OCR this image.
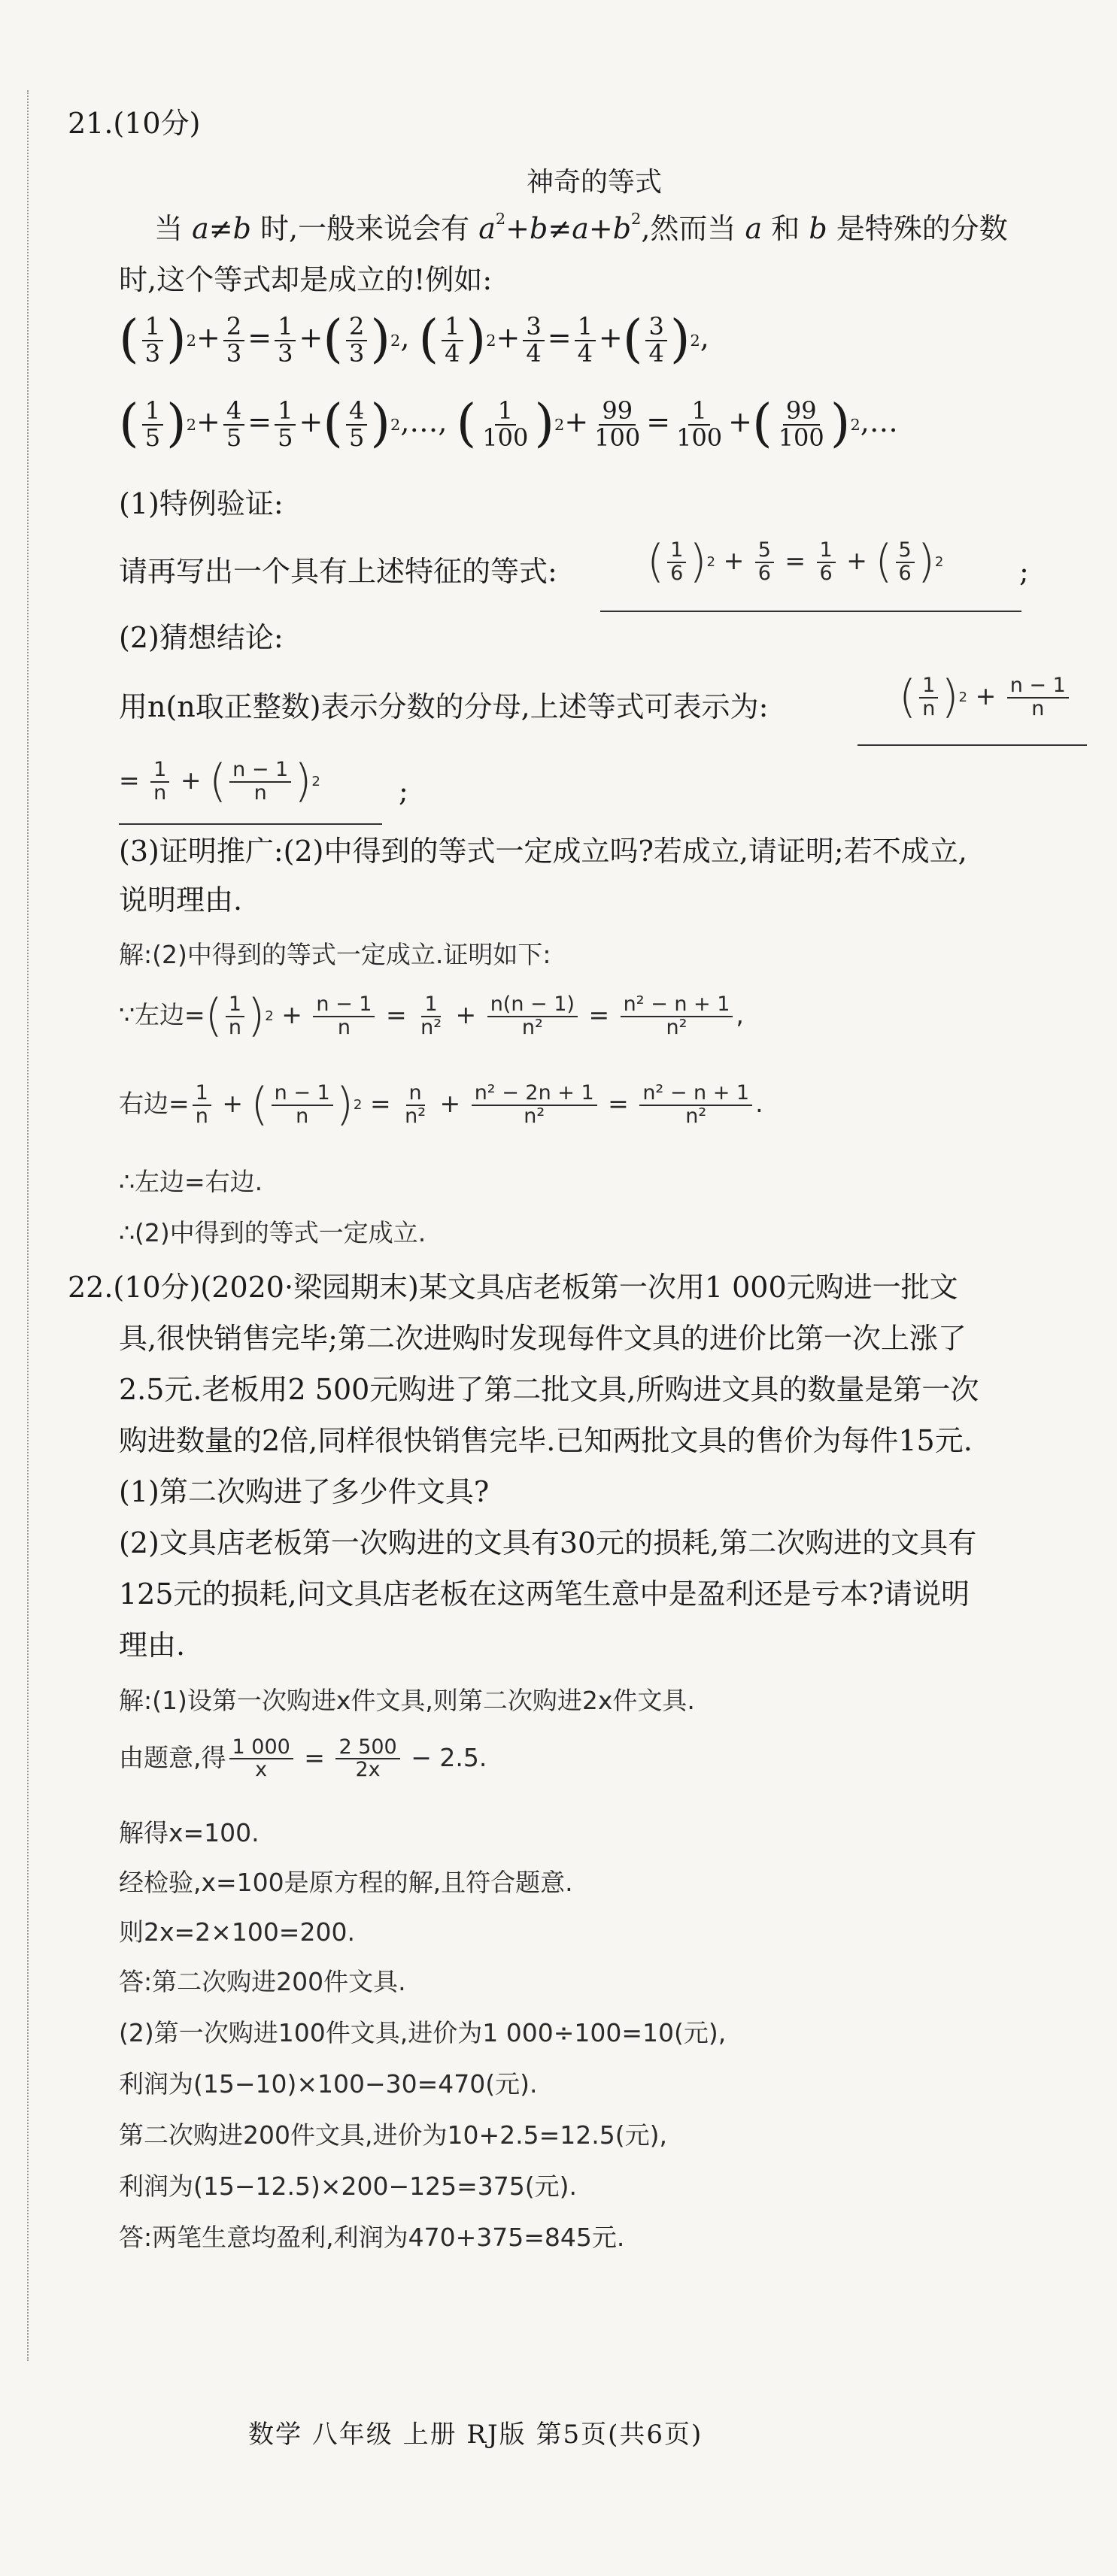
21.(10分)
神奇的等式
当 a≠b 时,一般来说会有 $a^2+b\ne a+b^2$,然而当 a 和 b 是特殊的分数
时,这个等式却是成立的!例如:
( $\frac{1}{3}$ ) $2 + \frac{2}{3} = \frac{1}{3}$ + ( $\frac{2}{3}$ ) 2 , ( $\frac{1}{4}$ ) $2 + \frac{3}{4} = \frac{1}{4}$ + ( $\frac{3}{4}$ ) 2 ,
( $\frac{1}{5}$ ) $2 + \frac{4}{5} = \frac{1}{5}$ + ( $\frac{4}{5}$ ) 2 ,…, ( $\frac{1}{100}$ ) $2 + \frac{99}{100} = \frac{1}{100}$ + ( $\frac{99}{100}$ ) 2 ,…
(1)特例验证:
请再写出一个具有上述特征的等式: ( $\frac{1}{6}$ ) $2 + \frac{5}{6} = \frac{1}{6}$ + ( $\frac{5}{6}$ ) 2	;
(2)猜想结论:
用n(n取正整数)表示分数的分母,上述等式可表示为:	( $\frac{1}{n}$ ) $2 + \frac{n - 1}{n}$
= $\frac{1}{n}$ + ( $\frac{n - 1}{n}$ ) 2	;
(3)证明推广:(2)中得到的等式一定成立吗?若成立,请证明;若不成立,
说明理由.
解:(2)中得到的等式一定成立.证明如下:
∵左边= ( $\frac{1}{n}$ ) $2 + \frac{n - 1}{n} = \frac{1}{\text{n²}} + \frac{n(n - 1)}{\text{n²}} = \frac{\text{n² − n + 1}}{\text{n²}}$ ,
右边= $\frac{1}{n}$ + ( $\frac{n - 1}{n}$ ) $2 = \frac{n}{\text{n²}} + \frac{\text{n² − 2n + 1}}{\text{n²}} = \frac{\text{n² − n + 1}}{\text{n²}}$ .
∴左边=右边.
∴(2)中得到的等式一定成立.
22.(10分)(2020·梁园期末)某文具店老板第一次用1 000元购进一批文
具,很快销售完毕;第二次进购时发现每件文具的进价比第一次上涨了
2.5元.老板用2 500元购进了第二批文具,所购进文具的数量是第一次
购进数量的2倍,同样很快销售完毕.已知两批文具的售价为每件15元.
(1)第二次购进了多少件文具?
(2)文具店老板第一次购进的文具有30元的损耗,第二次购进的文具有
125元的损耗,问文具店老板在这两笔生意中是盈利还是亏本?请说明
理由.
解:(1)设第一次购进x件文具,则第二次购进2x件文具.
由题意,得 $\frac{1 000}{x} = \frac{2 500}{2x} - 2.5$.
解得x=100.
经检验,x=100是原方程的解,且符合题意.
则2x=2×100=200.
答:第二次购进200件文具.
(2)第一次购进100件文具,进价为1 000÷100=10(元),
利润为(15−10)×100−30=470(元).
第二次购进200件文具,进价为10+2.5=12.5(元),
利润为(15−12.5)×200−125=375(元).
答:两笔生意均盈利,利润为470+375=845元.
数学 八年级 上册 RJ版 第5页(共6页)
